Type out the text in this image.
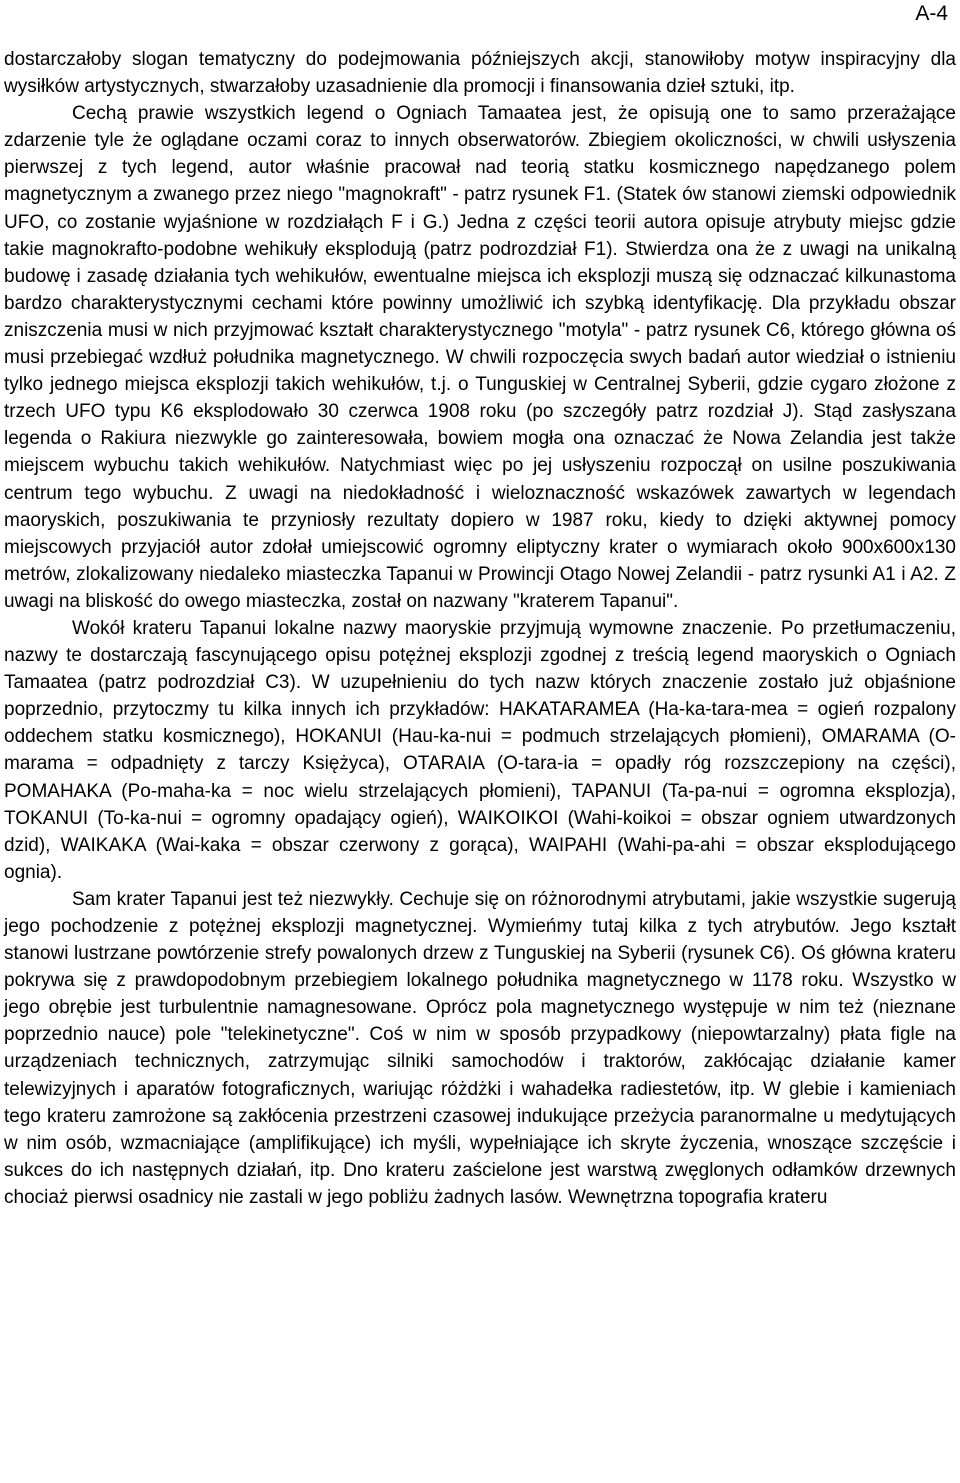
A-4

dostarczałoby slogan tematyczny do podejmowania późniejszych akcji, stanowiłoby motyw inspiracyjny dla wysiłków artystycznych, stwarzałoby uzasadnienie dla promocji i finansowania dzieł sztuki, itp.

Cechą prawie wszystkich legend o Ogniach Tamaatea jest, że opisują one to samo przerażające zdarzenie tyle że oglądane oczami coraz to innych obserwatorów. Zbiegiem okoliczności, w chwili usłyszenia pierwszej z tych legend, autor właśnie pracował nad teorią statku kosmicznego napędzanego polem magnetycznym a zwanego przez niego "magnokraft" - patrz rysunek F1. (Statek ów stanowi ziemski odpowiednik UFO, co zostanie wyjaśnione w rozdziałąch F i G.) Jedna z części teorii autora opisuje atrybuty miejsc gdzie takie magnokrafto-podobne wehikuły eksplodują (patrz podrozdział F1). Stwierdza ona że z uwagi na unikalną budowę i zasadę działania tych wehikułów, ewentualne miejsca ich eksplozji muszą się odznaczać kilkunastoma bardzo charakterystycznymi cechami które powinny umożliwić ich szybką identyfikację. Dla przykładu obszar zniszczenia musi w nich przyjmować kształt charakterystycznego "motyla" - patrz rysunek C6, którego główna oś musi przebiegać wzdłuż południka magnetycznego. W chwili rozpoczęcia swych badań autor wiedział o istnieniu tylko jednego miejsca eksplozji takich wehikułów, t.j. o Tunguskiej w Centralnej Syberii, gdzie cygaro złożone z trzech UFO typu K6 eksplodowało 30 czerwca 1908 roku (po szczegóły patrz rozdział J). Stąd zasłyszana legenda o Rakiura niezwykle go zainteresowała, bowiem mogła ona oznaczać że Nowa Zelandia jest także miejscem wybuchu takich wehikułów. Natychmiast więc po jej usłyszeniu rozpoczął on usilne poszukiwania centrum tego wybuchu. Z uwagi na niedokładność i wieloznaczność wskazówek zawartych w legendach maoryskich, poszukiwania te przyniosły rezultaty dopiero w 1987 roku, kiedy to dzięki aktywnej pomocy miejscowych przyjaciół autor zdołał umiejscowić ogromny eliptyczny krater o wymiarach około 900x600x130 metrów, zlokalizowany niedaleko miasteczka Tapanui w Prowincji Otago Nowej Zelandii - patrz rysunki A1 i A2. Z uwagi na bliskość do owego miasteczka, został on nazwany "kraterem Tapanui".

Wokół krateru Tapanui lokalne nazwy maoryskie przyjmują wymowne znaczenie. Po przetłumaczeniu, nazwy te dostarczają fascynującego opisu potężnej eksplozji zgodnej z treścią legend maoryskich o Ogniach Tamaatea (patrz podrozdział C3). W uzupełnieniu do tych nazw których znaczenie zostało już objaśnione poprzednio, przytoczmy tu kilka innych ich przykładów: HAKATARAMEA (Ha-ka-tara-mea = ogień rozpalony oddechem statku kosmicznego), HOKANUI (Hau-ka-nui = podmuch strzelających płomieni), OMARAMA (O-marama = odpadnięty z tarczy Księżyca), OTARAIA (O-tara-ia = opadły róg rozszczepiony na części), POMAHAKA (Po-maha-ka = noc wielu strzelających płomieni), TAPANUI (Ta-pa-nui = ogromna eksplozja), TOKANUI (To-ka-nui = ogromny opadający ogień), WAIKOIKOI (Wahi-koikoi = obszar ogniem utwardzonych dzid), WAIKAKA (Wai-kaka = obszar czerwony z gorąca), WAIPAHI (Wahi-pa-ahi = obszar eksplodującego ognia).

Sam krater Tapanui jest też niezwykły. Cechuje się on różnorodnymi atrybutami, jakie wszystkie sugerują jego pochodzenie z potężnej eksplozji magnetycznej. Wymieńmy tutaj kilka z tych atrybutów. Jego kształt stanowi lustrzane powtórzenie strefy powalonych drzew z Tunguskiej na Syberii (rysunek C6). Oś główna krateru pokrywa się z prawdopodobnym przebiegiem lokalnego południka magnetycznego w 1178 roku. Wszystko w jego obrębie jest turbulentnie namagnesowane. Oprócz pola magnetycznego występuje w nim też (nieznane poprzednio nauce) pole "telekinetyczne". Coś w nim w sposób przypadkowy (niepowtarzalny) płata figle na urządzeniach technicznych, zatrzymując silniki samochodów i traktorów, zakłócając działanie kamer telewizyjnych i aparatów fotograficznych, wariując różdżki i wahadełka radiestetów, itp. W glebie i kamieniach tego krateru zamrożone są zakłócenia przestrzeni czasowej indukujące przeżycia paranormalne u medytujących w nim osób, wzmacniające (amplifikujące) ich myśli, wypełniające ich skryte życzenia, wnoszące szczęście i sukces do ich następnych działań, itp. Dno krateru zaścielone jest warstwą zwęglonych odłamków drzewnych chociaż pierwsi osadnicy nie zastali w jego pobliżu żadnych lasów. Wewnętrzna topografia krateru
